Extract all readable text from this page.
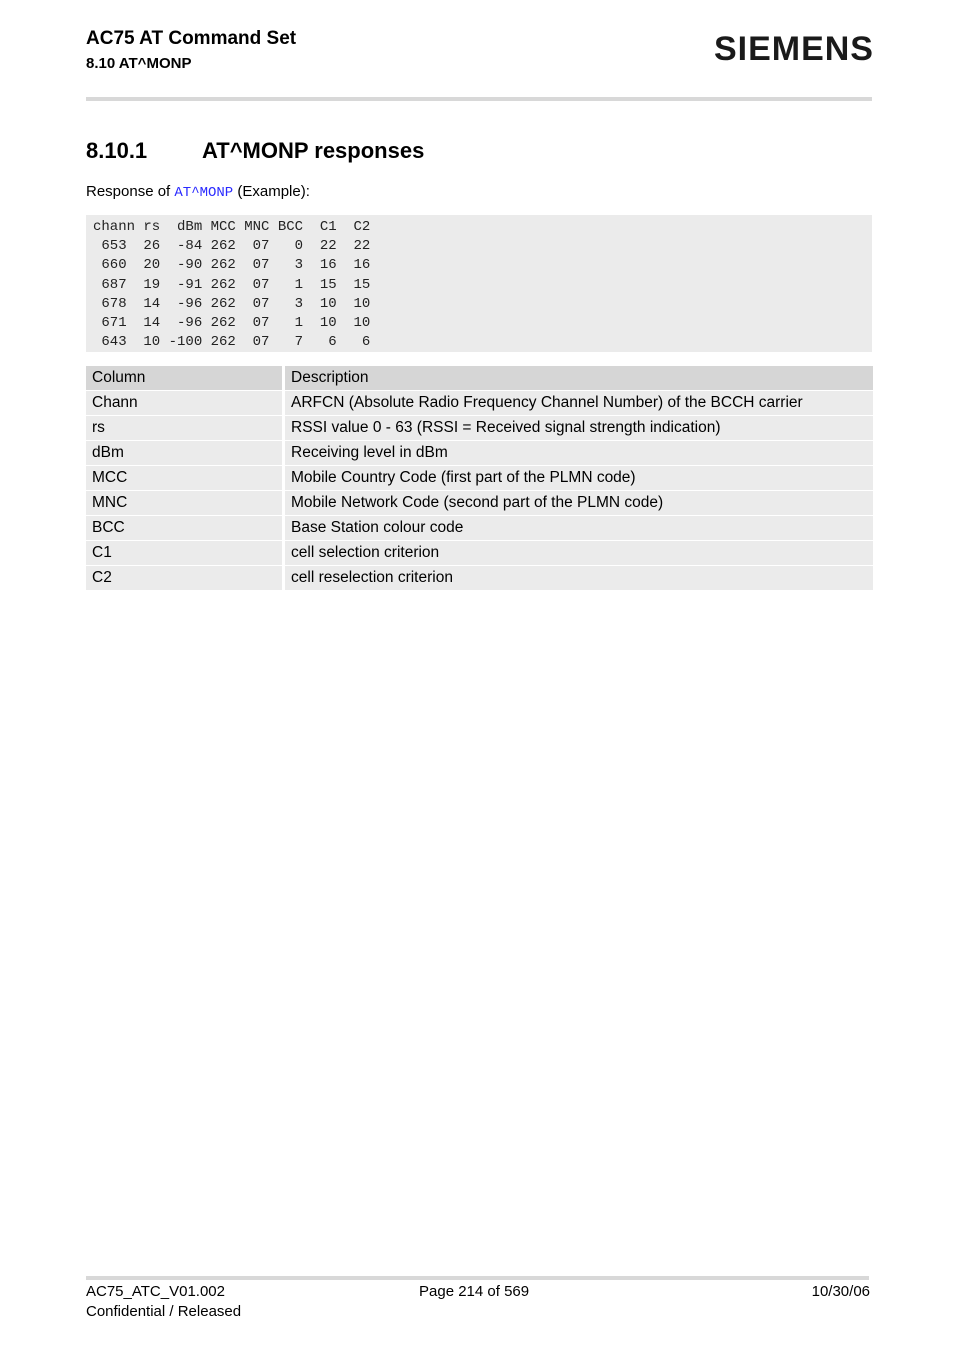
AC75 AT Command Set
8.10 AT^MONP	SIEMENS
8.10.1 AT^MONP responses
Response of AT^MONP (Example):
chann rs  dBm MCC MNC BCC  C1  C2
653  26  -84 262  07   0  22  22
660  20  -90 262  07   3  16  16
687  19  -91 262  07   1  15  15
678  14  -96 262  07   3  10  10
671  14  -96 262  07   1  10  10
643  10 -100 262  07   7   6   6
Column	Description
Chann	ARFCN (Absolute Radio Frequency Channel Number) of the BCCH carrier
rs	RSSI value 0 - 63 (RSSI = Received signal strength indication)
dBm	Receiving level in dBm
MCC	Mobile Country Code (first part of the PLMN code)
MNC	Mobile Network Code (second part of the PLMN code)
BCC	Base Station colour code
C1	cell selection criterion
C2	cell reselection criterion
AC75_ATC_V01.002
Confidential / Released
Page 214 of 569	10/30/06
